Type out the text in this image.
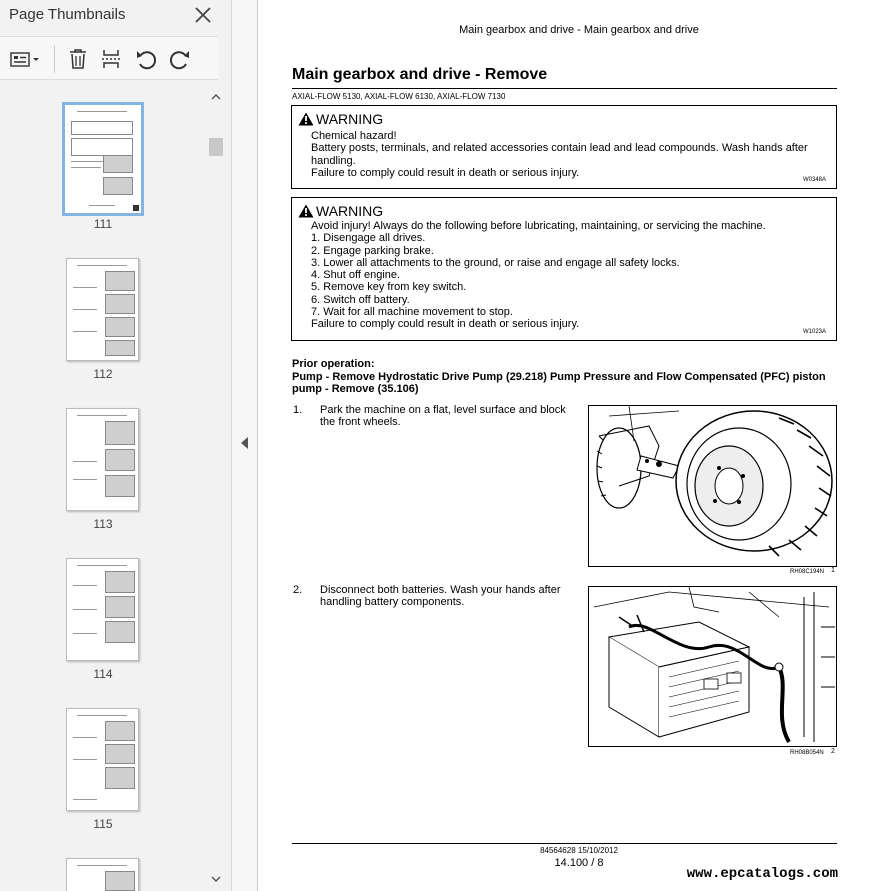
Page Thumbnails
111
112
113
114
115
Main gearbox and drive - Main gearbox and drive
Main gearbox and drive - Remove
AXIAL-FLOW 5130, AXIAL-FLOW 6130, AXIAL-FLOW 7130
WARNING
Chemical hazard!
Battery posts, terminals, and related accessories contain lead and lead compounds. Wash hands after handling.
Failure to comply could result in death or serious injury.
W0348A
WARNING
Avoid injury! Always do the following before lubricating, maintaining, or servicing the machine.
1. Disengage all drives.
2. Engage parking brake.
3. Lower all attachments to the ground, or raise and engage all safety locks.
4. Shut off engine.
5. Remove key from key switch.
6. Switch off battery.
7. Wait for all machine movement to stop.
Failure to comply could result in death or serious injury.
W1023A
Prior operation:
Pump - Remove Hydrostatic Drive Pump (29.218) Pump Pressure and Flow Compensated (PFC) piston pump - Remove (35.106)
1. Park the machine on a flat, level surface and block the front wheels.
RH08C194N 1
2. Disconnect both batteries. Wash your hands after handling battery components.
RH08B054N 2
84564628 15/10/2012
14.100 / 8
www.epcatalogs.com
